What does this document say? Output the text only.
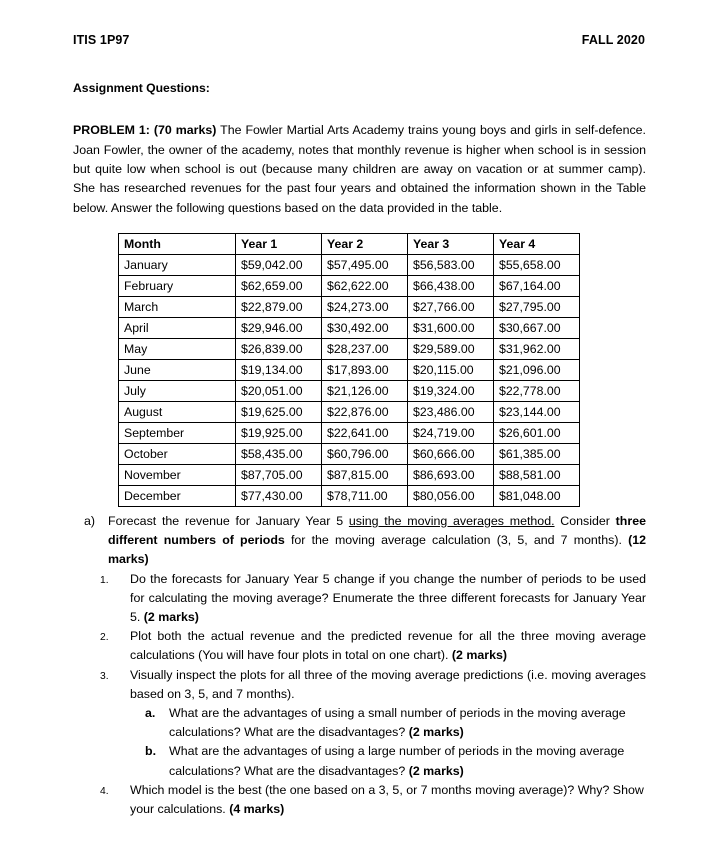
ITIS 1P97	FALL 2020
Assignment Questions:

PROBLEM 1: (70 marks) The Fowler Martial Arts Academy trains young boys and girls in self-defence. Joan Fowler, the owner of the academy, notes that monthly revenue is higher when school is in session but quite low when school is out (because many children are away on vacation or at summer camp). She has researched revenues for the past four years and obtained the information shown in the Table below. Answer the following questions based on the data provided in the table.

Month	Year 1	Year 2	Year 3	Year 4
January	$59,042.00	$57,495.00	$56,583.00	$55,658.00
February	$62,659.00	$62,622.00	$66,438.00	$67,164.00
March	$22,879.00	$24,273.00	$27,766.00	$27,795.00
April	$29,946.00	$30,492.00	$31,600.00	$30,667.00
May	$26,839.00	$28,237.00	$29,589.00	$31,962.00
June	$19,134.00	$17,893.00	$20,115.00	$21,096.00
July	$20,051.00	$21,126.00	$19,324.00	$22,778.00
August	$19,625.00	$22,876.00	$23,486.00	$23,144.00
September	$19,925.00	$22,641.00	$24,719.00	$26,601.00
October	$58,435.00	$60,796.00	$60,666.00	$61,385.00
November	$87,705.00	$87,815.00	$86,693.00	$88,581.00
December	$77,430.00	$78,711.00	$80,056.00	$81,048.00
a) Forecast the revenue for January Year 5 using the moving averages method. Consider three different numbers of periods for the moving average calculation (3, 5, and 7 months). (12 marks)
1. Do the forecasts for January Year 5 change if you change the number of periods to be used for calculating the moving average? Enumerate the three different forecasts for January Year 5. (2 marks)
2. Plot both the actual revenue and the predicted revenue for all the three moving average calculations (You will have four plots in total on one chart). (2 marks)
3. Visually inspect the plots for all three of the moving average predictions (i.e. moving averages based on 3, 5, and 7 months).
a. What are the advantages of using a small number of periods in the moving average calculations? What are the disadvantages? (2 marks)
b. What are the advantages of using a large number of periods in the moving average calculations? What are the disadvantages? (2 marks)
4. Which model is the best (the one based on a 3, 5, or 7 months moving average)? Why? Show your calculations. (4 marks)
